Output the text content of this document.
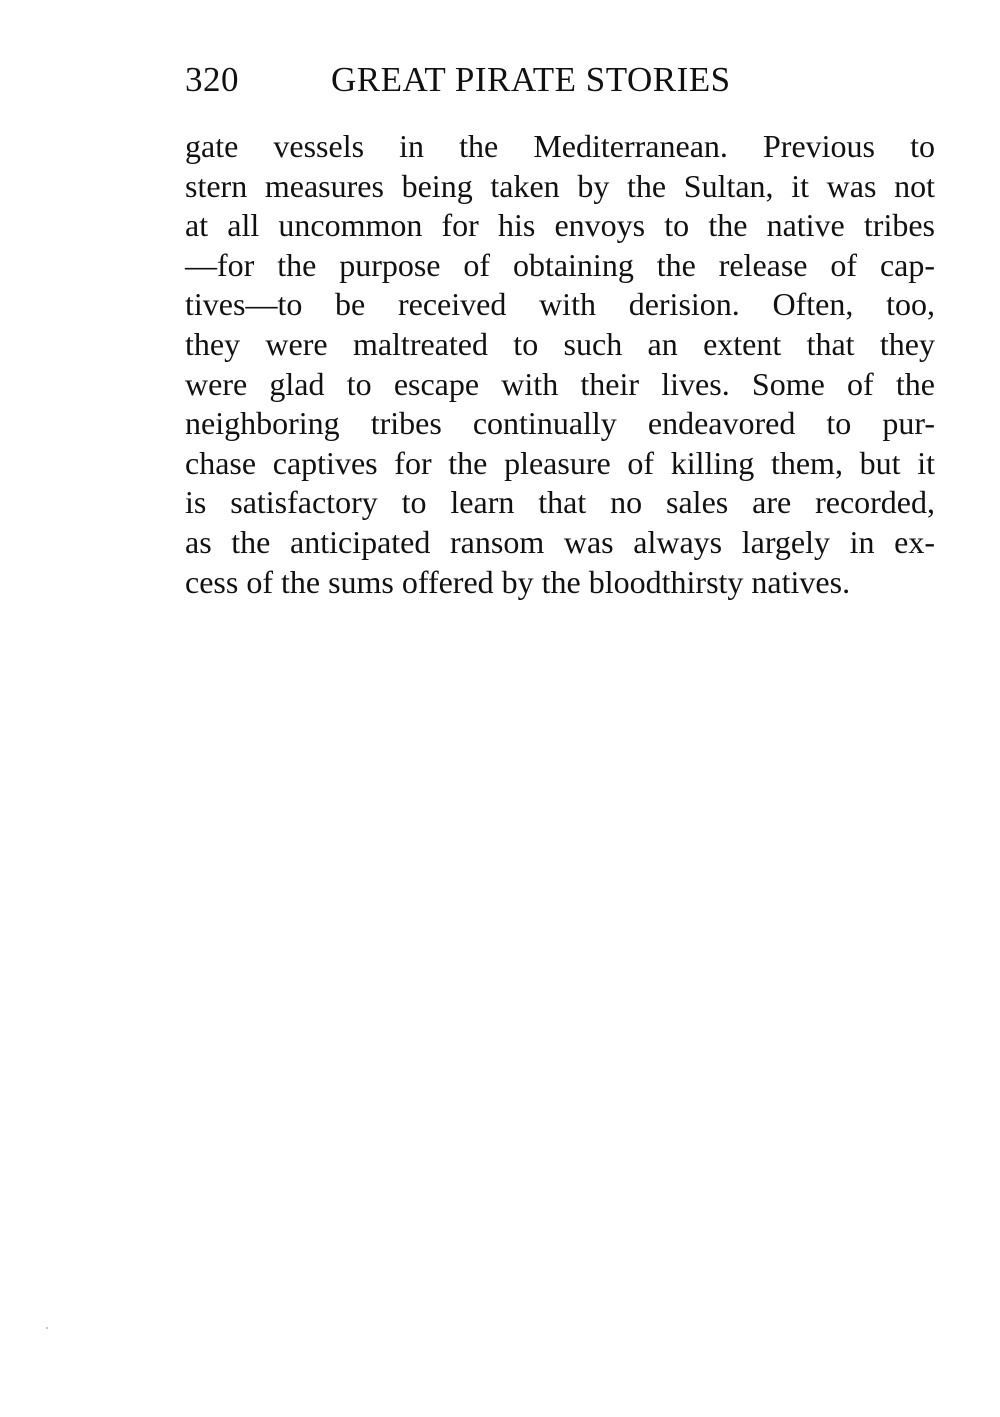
320	GREAT PIRATE STORIES
gate vessels in the Mediterranean. Previous to
stern measures being taken by the Sultan, it was not
at all uncommon for his envoys to the native tribes
—for the purpose of obtaining the release of cap-
tives—to be received with derision. Often, too,
they were maltreated to such an extent that they
were glad to escape with their lives. Some of the
neighboring tribes continually endeavored to pur-
chase captives for the pleasure of killing them, but it
is satisfactory to learn that no sales are recorded,
as the anticipated ransom was always largely in ex-
cess of the sums offered by the bloodthirsty natives.
